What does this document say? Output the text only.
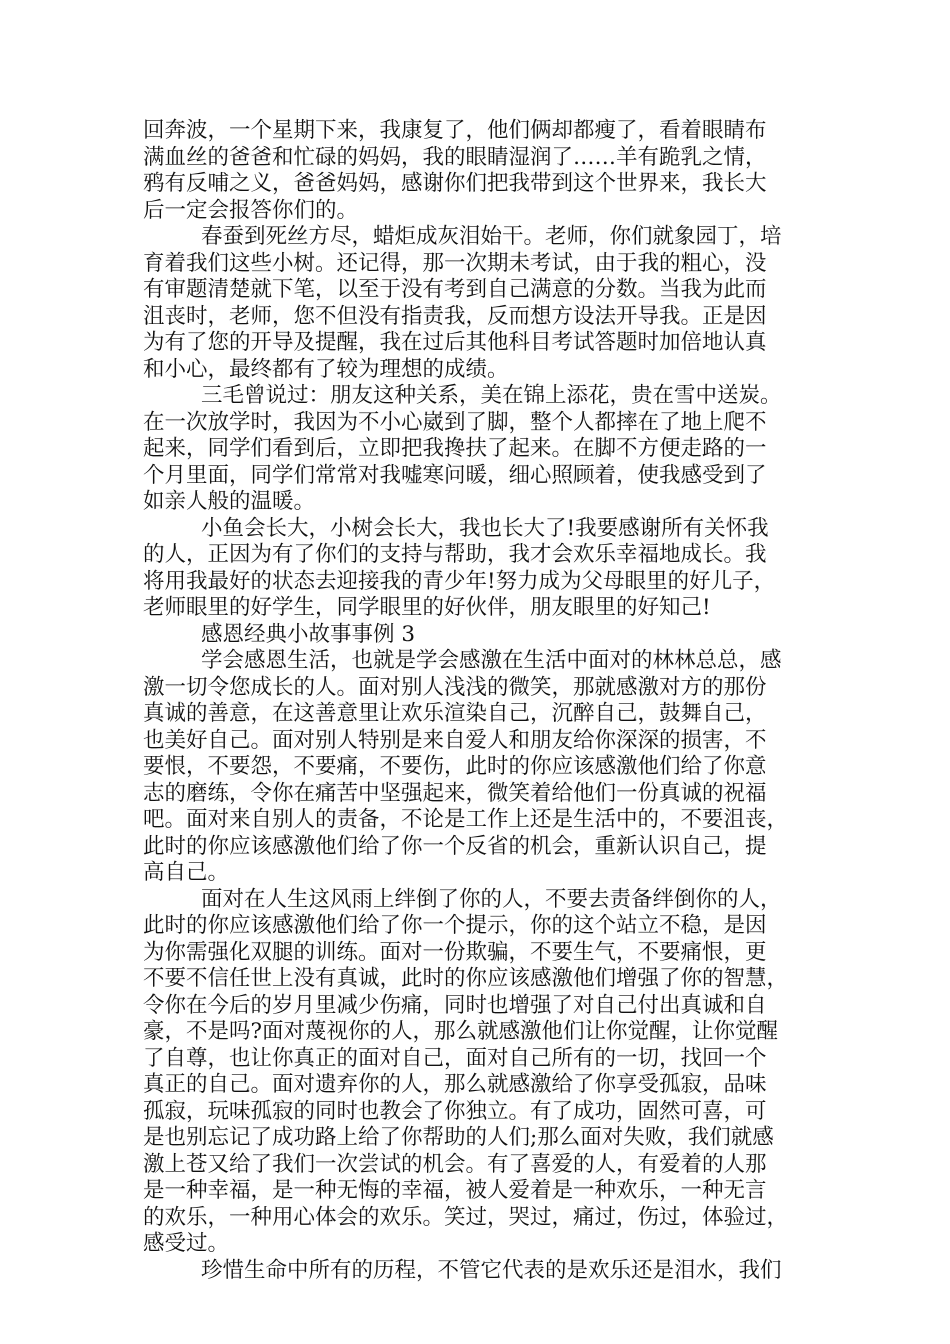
回奔波，一个星期下来，我康复了，他们俩却都瘦了，看着眼睛布
满血丝的爸爸和忙碌的妈妈，我的眼睛湿润了……羊有跪乳之情，
鸦有反哺之义，爸爸妈妈，感谢你们把我带到这个世界来，我长大
后一定会报答你们的。
春蚕到死丝方尽，蜡炬成灰泪始干。老师，你们就象园丁，培
育着我们这些小树。还记得，那一次期未考试，由于我的粗心，没
有审题清楚就下笔，以至于没有考到自己满意的分数。当我为此而
沮丧时，老师，您不但没有指责我，反而想方设法开导我。正是因
为有了您的开导及提醒，我在过后其他科目考试答题时加倍地认真
和小心，最终都有了较为理想的成绩。
三毛曾说过：朋友这种关系，美在锦上添花，贵在雪中送炭。
在一次放学时，我因为不小心崴到了脚，整个人都摔在了地上爬不
起来，同学们看到后，立即把我搀扶了起来。在脚不方便走路的一
个月里面，同学们常常对我嘘寒问暖，细心照顾着，使我感受到了
如亲人般的温暖。
小鱼会长大，小树会长大，我也长大了!我要感谢所有关怀我
的人，正因为有了你们的支持与帮助，我才会欢乐幸福地成长。我
将用我最好的状态去迎接我的青少年!努力成为父母眼里的好儿子，
老师眼里的好学生，同学眼里的好伙伴，朋友眼里的好知己!
感恩经典小故事事例 3
学会感恩生活，也就是学会感激在生活中面对的林林总总，感
激一切令您成长的人。面对别人浅浅的微笑，那就感激对方的那份
真诚的善意，在这善意里让欢乐渲染自己，沉醉自己，鼓舞自己，
也美好自己。面对别人特别是来自爱人和朋友给你深深的损害，不
要恨，不要怨，不要痛，不要伤，此时的你应该感激他们给了你意
志的磨练，令你在痛苦中坚强起来，微笑着给他们一份真诚的祝福
吧。面对来自别人的责备，不论是工作上还是生活中的，不要沮丧，
此时的你应该感激他们给了你一个反省的机会，重新认识自己，提
高自己。
面对在人生这风雨上绊倒了你的人，不要去责备绊倒你的人，
此时的你应该感激他们给了你一个提示，你的这个站立不稳，是因
为你需强化双腿的训练。面对一份欺骗，不要生气，不要痛恨，更
不要不信任世上没有真诚，此时的你应该感激他们增强了你的智慧，
令你在今后的岁月里减少伤痛，同时也增强了对自己付出真诚和自
豪，不是吗?面对蔑视你的人，那么就感激他们让你觉醒，让你觉醒
了自尊，也让你真正的面对自己，面对自己所有的一切，找回一个
真正的自己。面对遗弃你的人，那么就感激给了你享受孤寂，品味
孤寂，玩味孤寂的同时也教会了你独立。有了成功，固然可喜，可
是也别忘记了成功路上给了你帮助的人们;那么面对失败，我们就感
激上苍又给了我们一次尝试的机会。有了喜爱的人，有爱着的人那
是一种幸福，是一种无悔的幸福，被人爱着是一种欢乐，一种无言
的欢乐，一种用心体会的欢乐。笑过，哭过，痛过，伤过，体验过，
感受过。
珍惜生命中所有的历程，不管它代表的是欢乐还是泪水，我们
